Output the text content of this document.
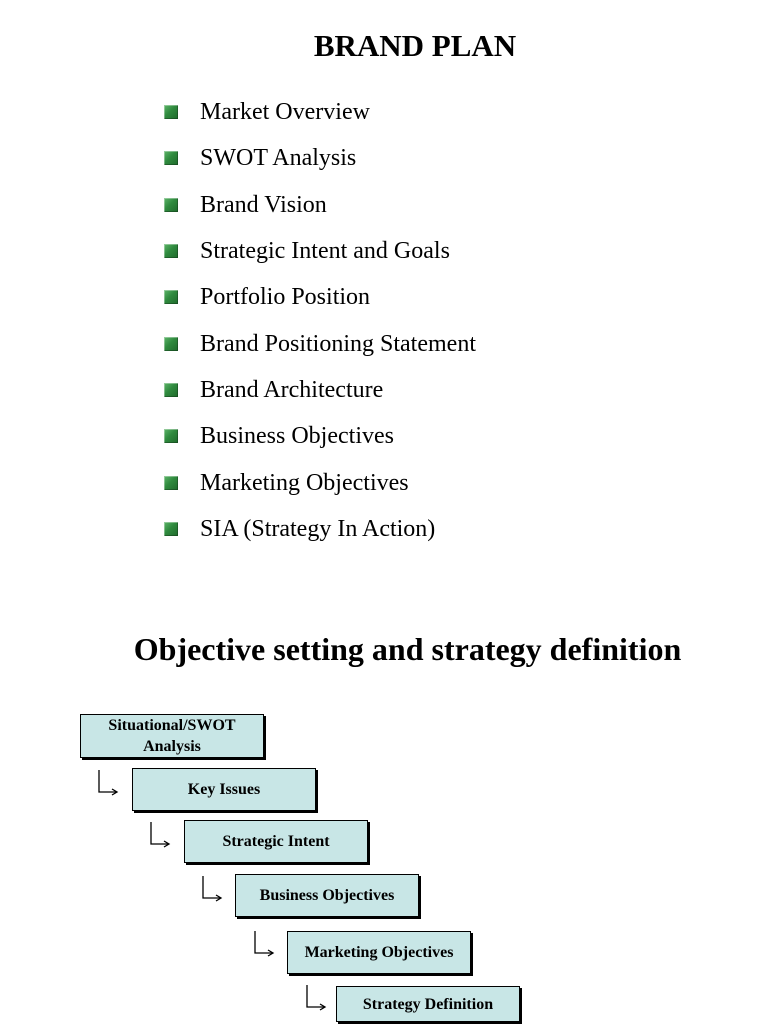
BRAND PLAN
Market Overview
SWOT Analysis
Brand Vision
Strategic Intent and Goals
Portfolio Position
Brand Positioning Statement
Brand Architecture
Business Objectives
Marketing Objectives
SIA (Strategy In Action)
Objective setting and strategy definition
Situational/SWOT Analysis
Key Issues
Strategic Intent
Business Objectives
Marketing Objectives
Strategy Definition
